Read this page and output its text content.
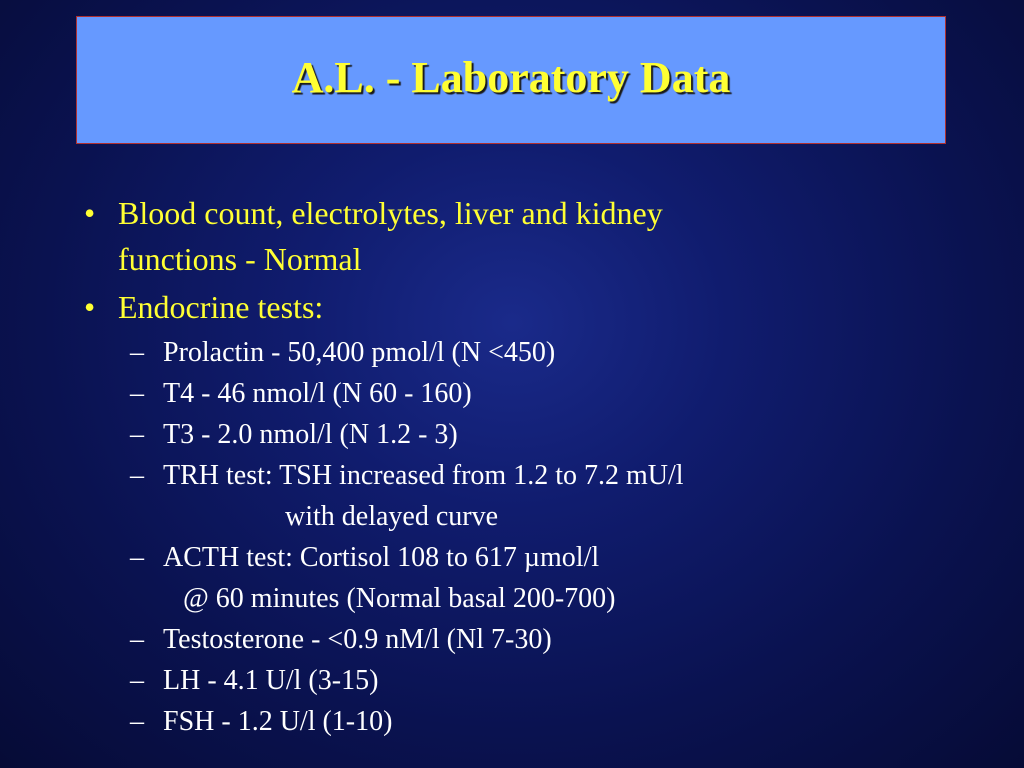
A.L. - Laboratory Data
• Blood count, electrolytes, liver and kidney
functions - Normal
• Endocrine tests:
– Prolactin - 50,400 pmol/l (N <450)
– T4 - 46 nmol/l (N 60 - 160)
– T3 - 2.0 nmol/l (N 1.2 - 3)
– TRH test: TSH increased from 1.2 to 7.2 mU/l
with delayed curve
– ACTH test: Cortisol 108 to 617 µmol/l
@ 60 minutes (Normal basal 200-700)
– Testosterone - <0.9 nM/l (Nl 7-30)
– LH - 4.1 U/l (3-15)
– FSH - 1.2 U/l (1-10)
